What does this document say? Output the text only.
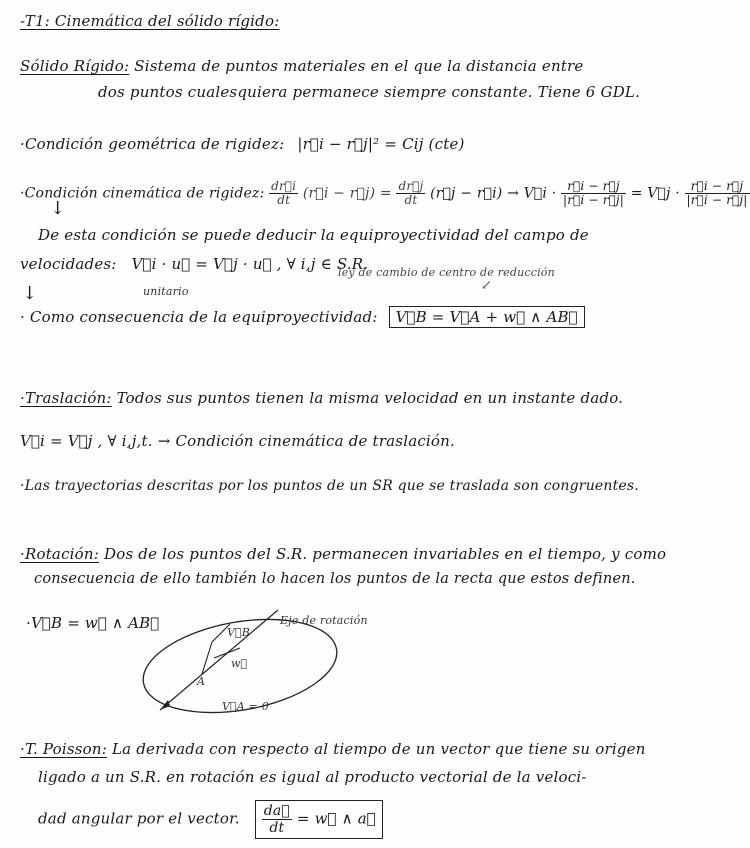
-T1: Cinemática del sólido rígido:
Sólido Rígido: Sistema de puntos materiales en el que la distancia entre
dos puntos cualesquiera permanece siempre constante. Tiene 6 GDL.
·Condición geométrica de rigidez: |r⃗i − r⃗j|² = Cij (cte)
·Condición cinemática de rigidez: $\frac{dr⃗i}{dt}$ (r⃗i − r⃗j) = $\frac{dr⃗j}{dt}$ (r⃗j − r⃗i) → V⃗i · $\frac{r⃗i - r⃗j}{|r⃗i - r⃗j|}$ = V⃗j · $\frac{r⃗i - r⃗j}{|r⃗i - r⃗j|}$
↓
De esta condición se puede deducir la equiproyectividad del campo de
velocidades: V⃗i · u⃗ = V⃗j · u⃗ , ∀ i,j ∈ S.R.
unitario
ley de cambio de centro de reducción
↙
↓
· Como consecuencia de la equiproyectividad: V⃗B = V⃗A + w⃗ ∧ AB⃗
·Traslación: Todos sus puntos tienen la misma velocidad en un instante dado.
V⃗i = V⃗j , ∀ i,j,t. → Condición cinemática de traslación.
·Las trayectorias descritas por los puntos de un SR que se traslada son congruentes.
·Rotación: Dos de los puntos del S.R. permanecen invariables en el tiempo, y como
consecuencia de ello también lo hacen los puntos de la recta que estos definen.
·V⃗B = w⃗ ∧ AB⃗
V⃗B
w⃗
A
V⃗A = 0
Eje de rotación
·T. Poisson: La derivada con respecto al tiempo de un vector que tiene su origen
ligado a un S.R. en rotación es igual al producto vectorial de la veloci-
dad angular por el vector. $\frac{da⃗}{dt}$ = w⃗ ∧ a⃗
